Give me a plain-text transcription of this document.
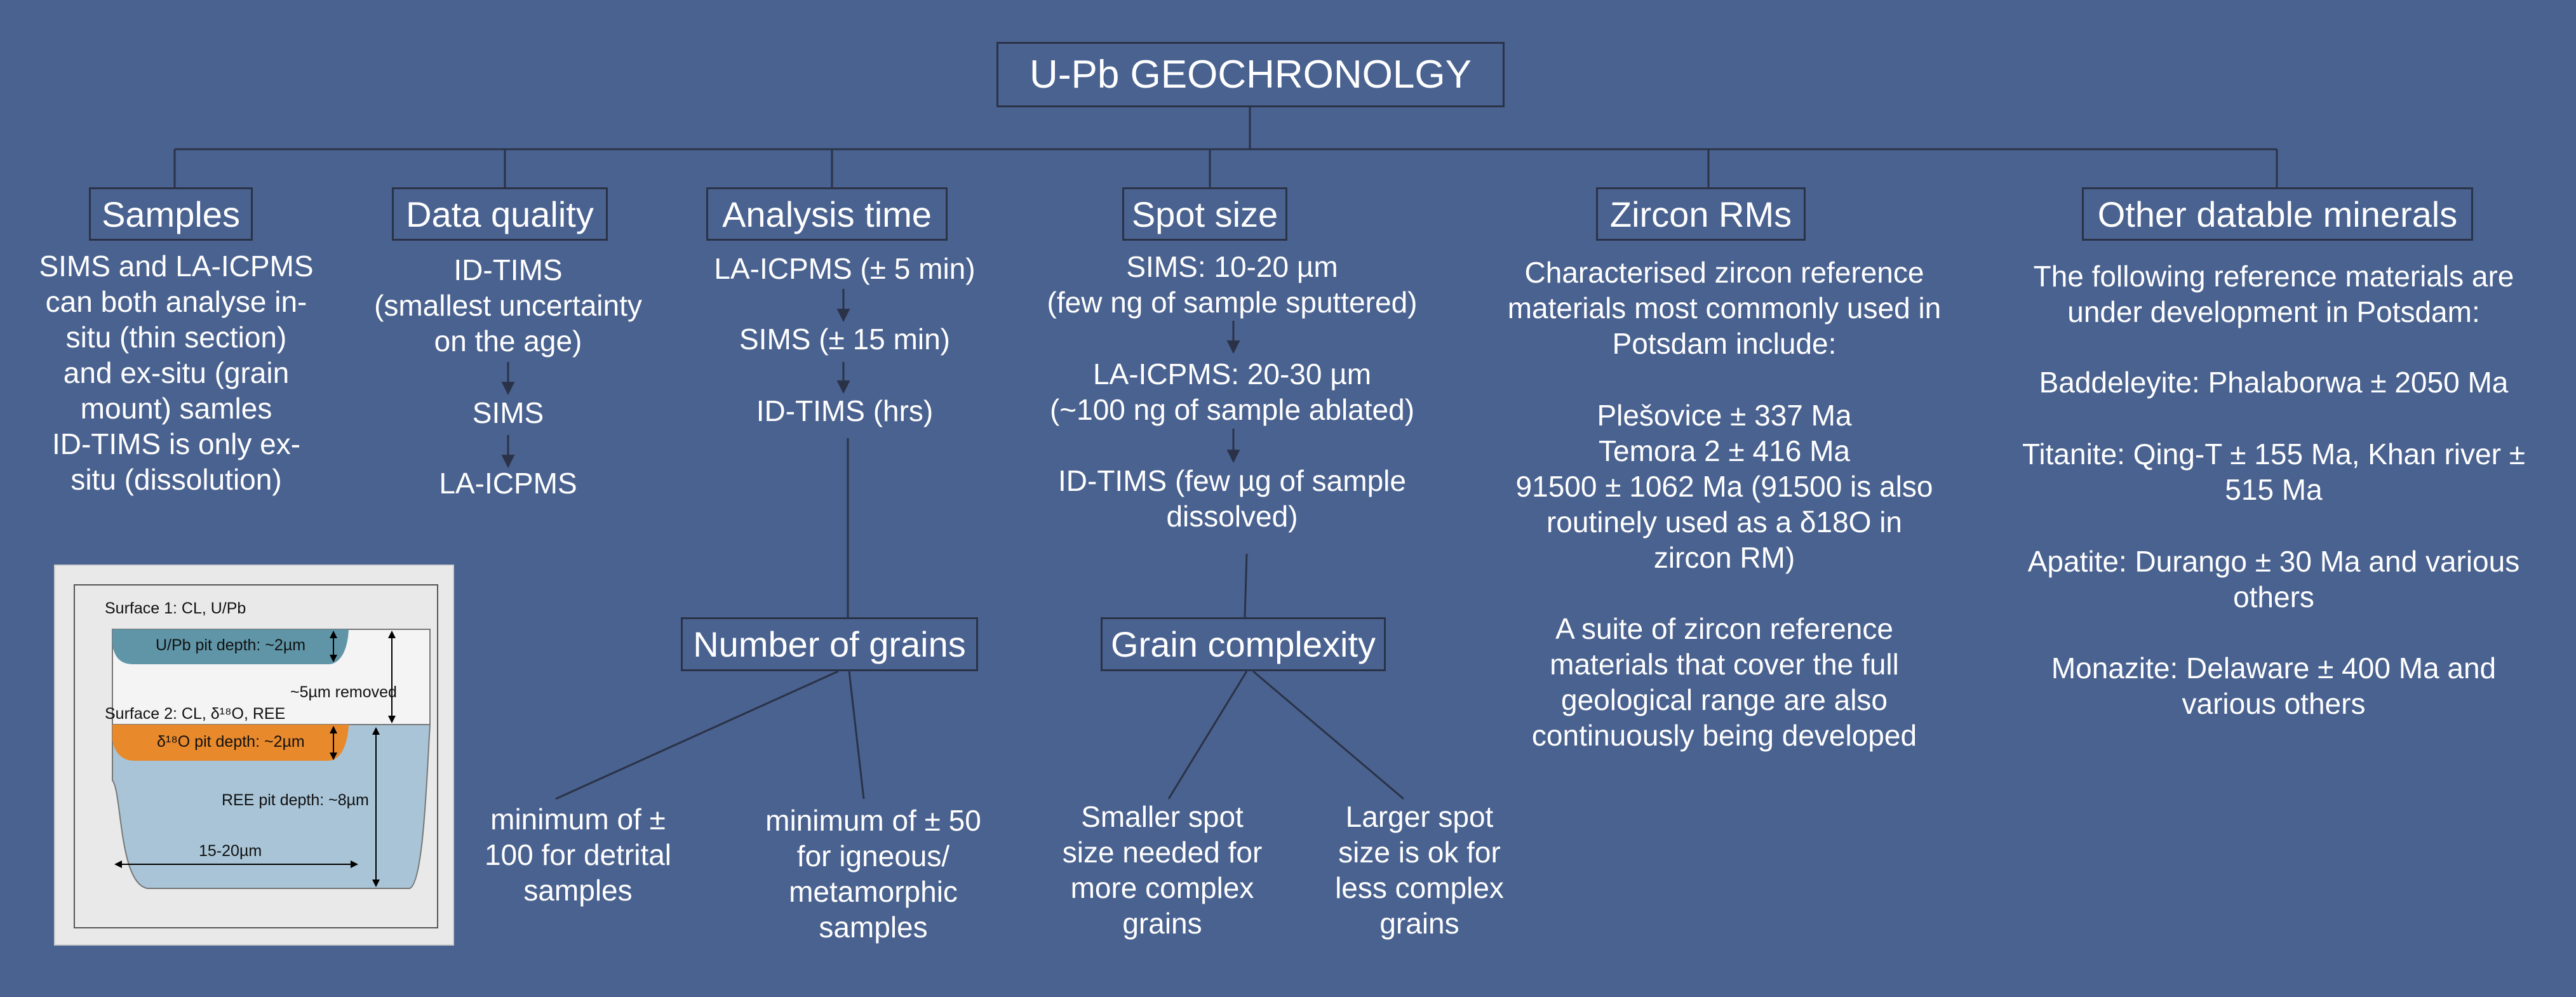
U-Pb GEOCHRONOLGY
Samples	Data quality	Analysis time	Spot size	Zircon RMs	Other datable minerals
SIMS and LA-ICPMS
can both analyse in-
situ (thin section)
and ex-situ (grain
mount) samles
ID-TIMS is only ex-
situ (dissolution)
ID-TIMS
(smallest uncertainty
on the age)
SIMS
LA-ICPMS
LA-ICPMS (± 5 min)
SIMS (± 15 min)
ID-TIMS (hrs)
SIMS: 10-20 µm
(few ng of sample sputtered)
LA-ICPMS: 20-30 µm
(~100 ng of sample ablated)
ID-TIMS (few µg of sample
dissolved)
Characterised zircon reference
materials most commonly used in
Potsdam include:
Plešovice ± 337 Ma
Temora 2 ± 416 Ma
91500 ± 1062 Ma (91500 is also
routinely used as a δ18O in
zircon RM)
A suite of zircon reference
materials that cover the full
geological range are also
continuously being developed
The following reference materials are
under development in Potsdam:
Baddeleyite: Phalaborwa ± 2050 Ma
Titanite: Qing-T ± 155 Ma, Khan river ±
515 Ma
Apatite: Durango ± 30 Ma and various
others
Monazite: Delaware ± 400 Ma and
various others
Number of grains
minimum of ±
100 for detrital
samples
minimum of ± 50
for igneous/
metamorphic
samples
Grain complexity
Smaller spot
size needed for
more complex
grains
Larger spot
size is ok for
less complex
grains
Surface 1: CL, U/Pb
U/Pb pit depth: ~2µm
~5µm removed
Surface 2: CL, δ¹⁸O, REE
δ¹⁸O pit depth: ~2µm
REE pit depth: ~8µm
15-20µm
